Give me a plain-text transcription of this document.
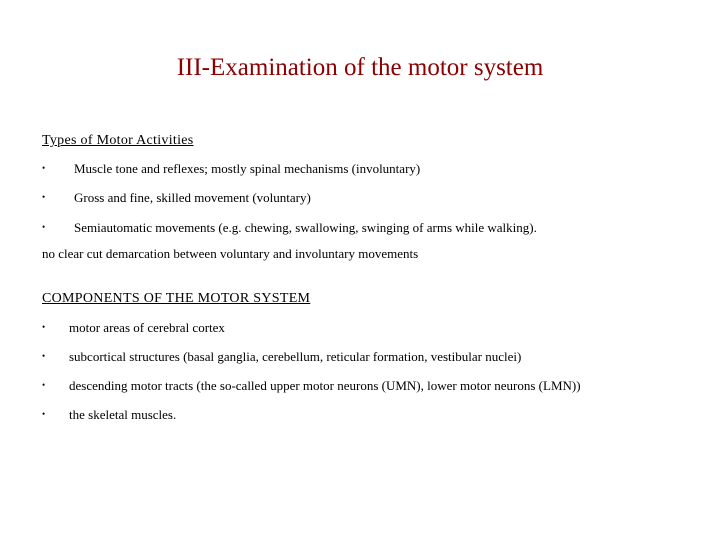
III-Examination of the motor system
Types of Motor Activities
• Muscle tone and reflexes; mostly spinal mechanisms (involuntary)
• Gross and fine, skilled movement (voluntary)
• Semiautomatic movements (e.g. chewing, swallowing, swinging of arms while walking).
no clear cut demarcation between voluntary and involuntary movements
COMPONENTS OF THE MOTOR SYSTEM
• motor areas of cerebral cortex
• subcortical structures (basal ganglia, cerebellum, reticular formation, vestibular nuclei)
• descending motor tracts (the so-called upper motor neurons (UMN), lower motor neurons (LMN))
• the skeletal muscles.
